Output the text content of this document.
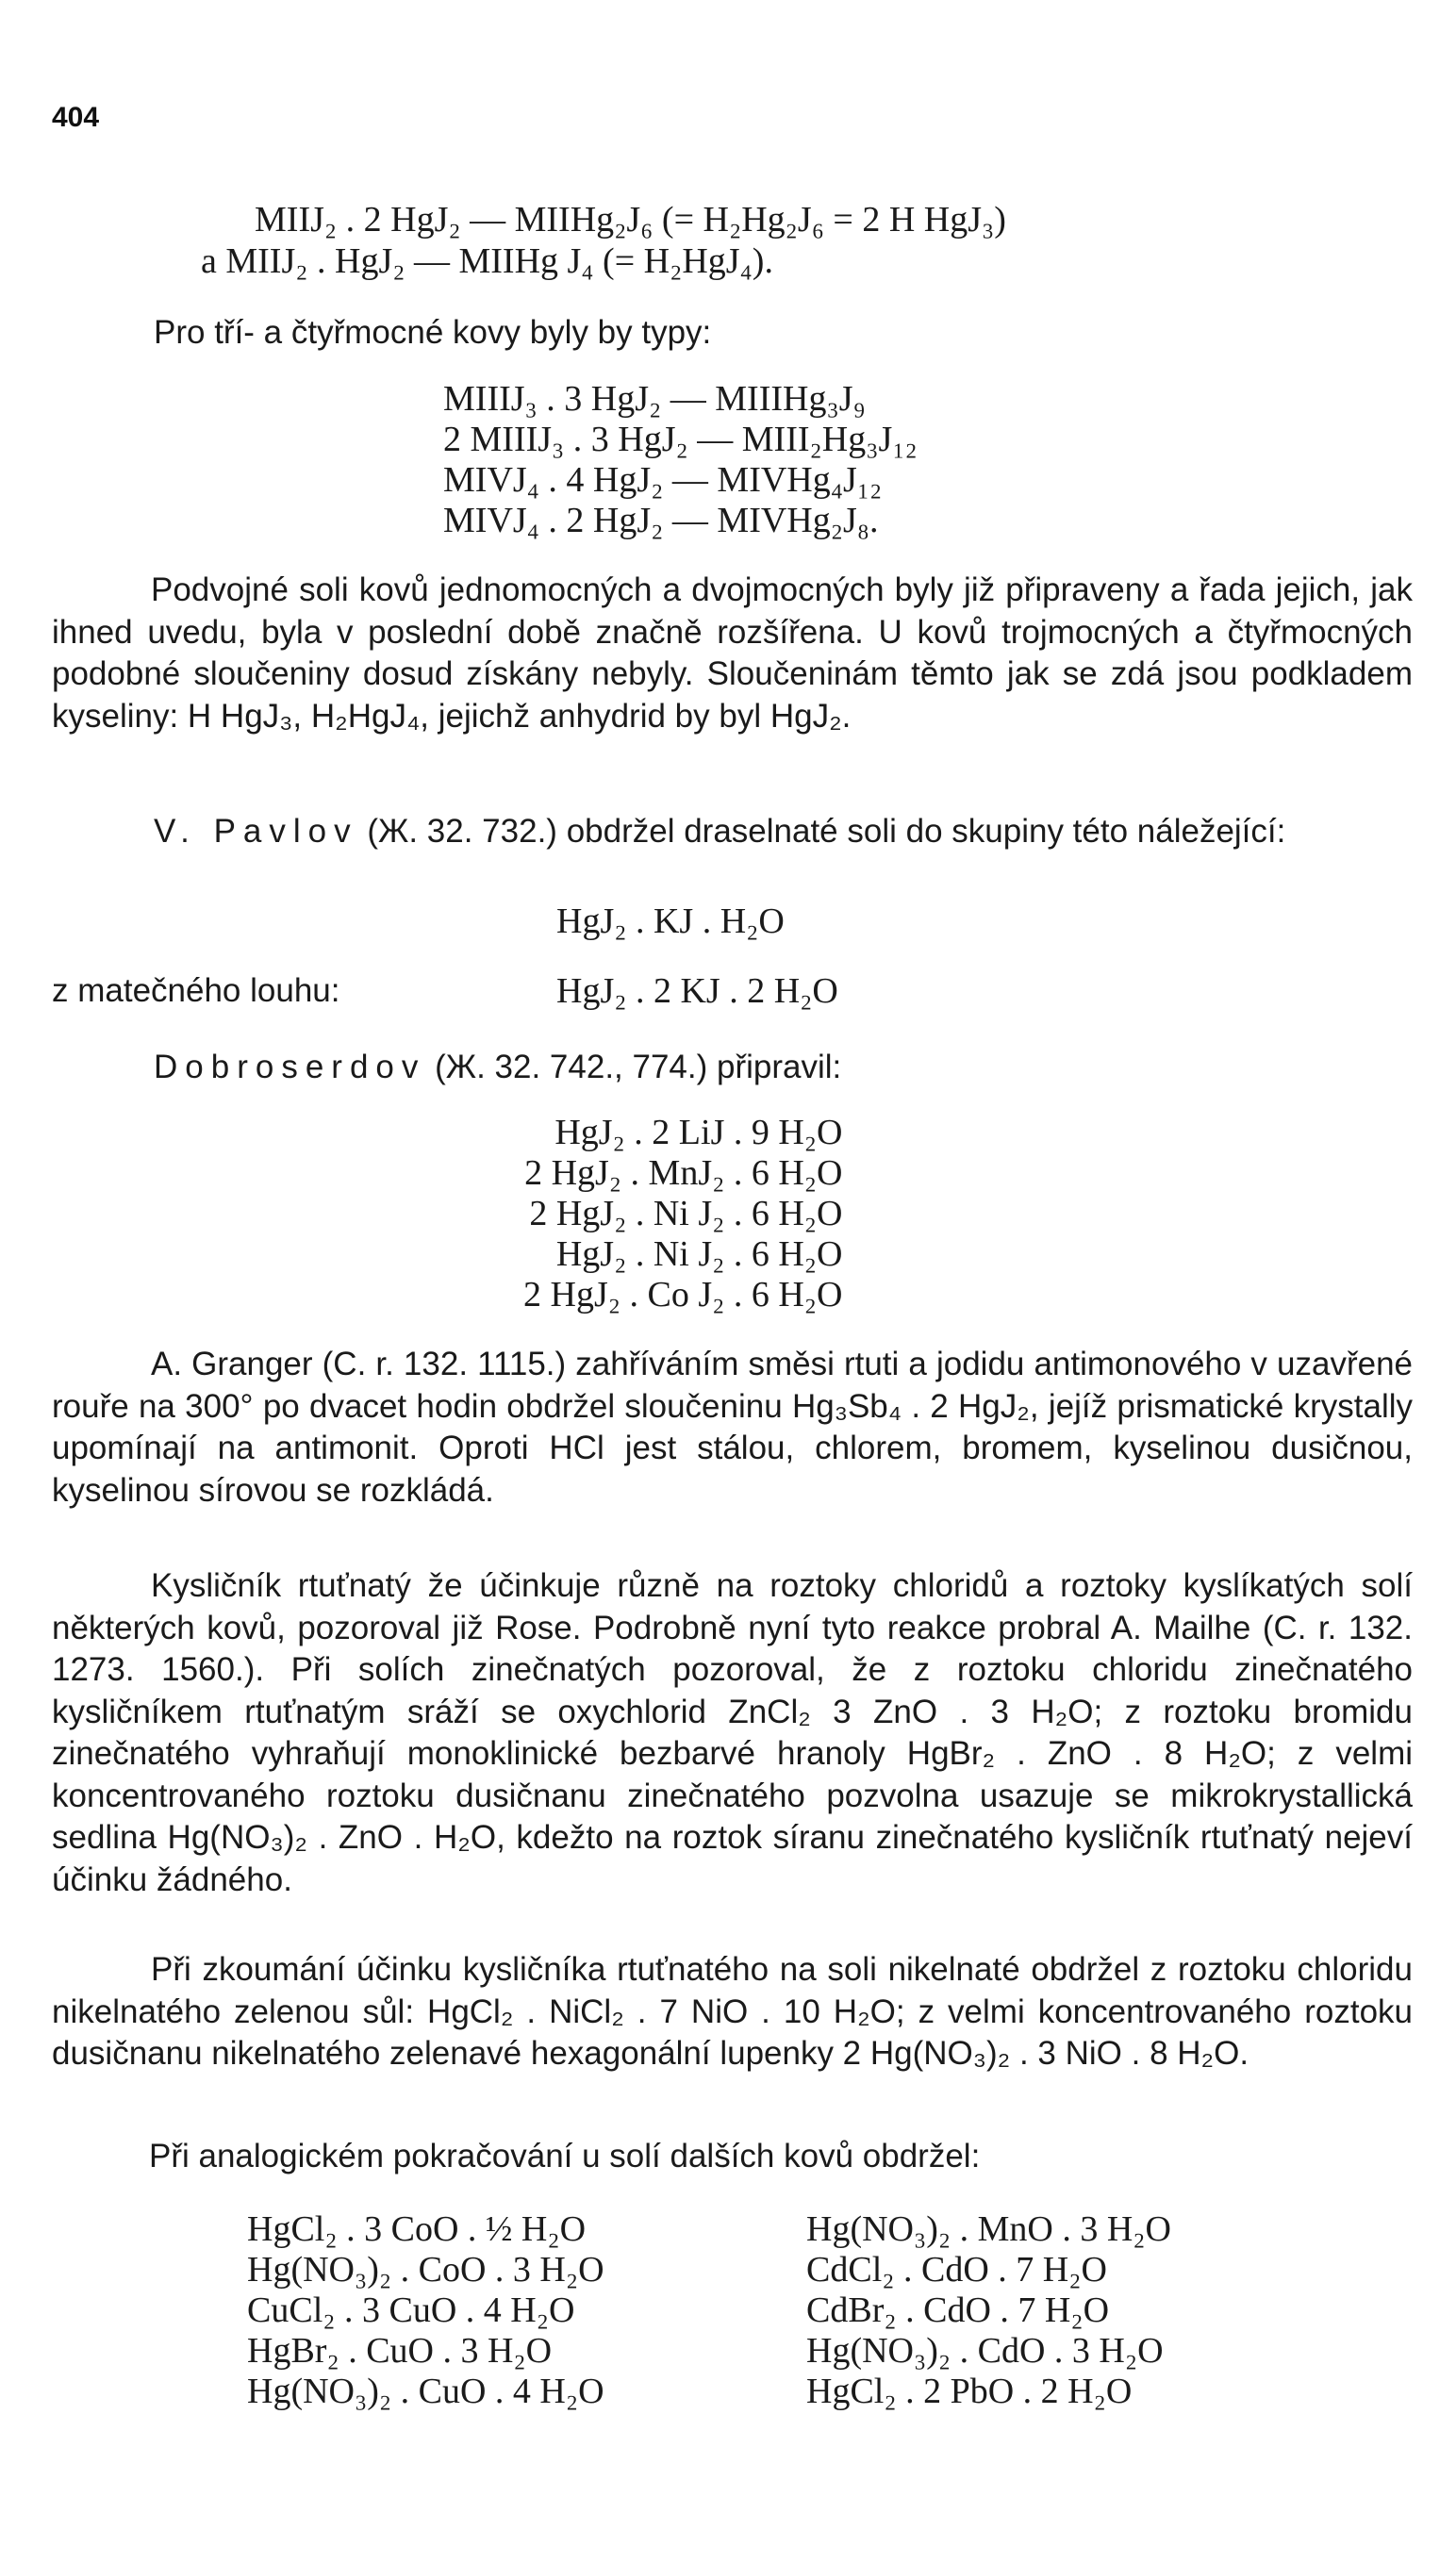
404
MIIJ₂ . 2 HgJ₂ — MIIHg₂J₆ (= H₂Hg₂J₆ = 2 H HgJ₃)
a MIIJ₂ . HgJ₂ — MIIHg J₄ (= H₂HgJ₄).
Pro tří- a čtyřmocné kovy byly by typy:
MIIIJ₃ . 3 HgJ₂ — MIIIHg₃J₉
2 MIIIJ₃ . 3 HgJ₂ — MIII₂Hg₃J₁₂
MIVJ₄ . 4 HgJ₂ — MIVHg₄J₁₂
MIVJ₄ . 2 HgJ₂ — MIVHg₂J₈.

Podvojné soli kovů jednomocných a dvojmocných byly již připraveny a řada jejich, jak ihned uvedu, byla v poslední době značně rozšířena. U kovů trojmocných a čtyřmocných podobné sloučeniny dosud získány nebyly. Sloučeninám těmto jak se zdá jsou podkladem kyseliny: H HgJ₃, H₂HgJ₄, jejichž anhydrid by byl HgJ₂.

V. Pavlov (Ж. 32. 732.) obdržel draselnaté soli do skupiny této náležející:
HgJ₂ . KJ . H₂O
z matečného louhu:	HgJ₂ . 2 KJ . 2 H₂O
Dobroserdov (Ж. 32. 742., 774.) připravil:
HgJ₂ . 2 LiJ . 9 H₂O
2 HgJ₂ . MnJ₂ . 6 H₂O
2 HgJ₂ . Ni J₂ . 6 H₂O
HgJ₂ . Ni J₂ . 6 H₂O
2 HgJ₂ . Co J₂ . 6 H₂O

A. Granger (C. r. 132. 1115.) zahříváním směsi rtuti a jodidu antimonového v uzavřené rouře na 300° po dvacet hodin obdržel sloučeninu Hg₃Sb₄ . 2 HgJ₂, jejíž prismatické krystally upomínají na antimonit. Oproti HCl jest stálou, chlorem, bromem, kyselinou dusičnou, kyselinou sírovou se rozkládá.

Kysličník rtuťnatý že účinkuje různě na roztoky chloridů a roztoky kyslíkatých solí některých kovů, pozoroval již Rose. Podrobně nyní tyto reakce probral A. Mailhe (C. r. 132. 1273. 1560.). Při solích zinečnatých pozoroval, že z roztoku chloridu zinečnatého kysličníkem rtuťnatým sráží se oxychlorid ZnCl₂ 3 ZnO . 3 H₂O; z roztoku bromidu zinečnatého vyhraňují monoklinické bezbarvé hranoly HgBr₂ . ZnO . 8 H₂O; z velmi koncentrovaného roztoku dusičnanu zinečnatého pozvolna usazuje se mikrokrystallická sedlina Hg(NO₃)₂ . ZnO . H₂O, kdežto na roztok síranu zinečnatého kysličník rtuťnatý nejeví účinku žádného.

Při zkoumání účinku kysličníka rtuťnatého na soli nikelnaté obdržel z roztoku chloridu nikelnatého zelenou sůl: HgCl₂ . NiCl₂ . 7 NiO . 10 H₂O; z velmi koncentrovaného roztoku dusičnanu nikelnatého zelenavé hexagonální lupenky 2 Hg(NO₃)₂ . 3 NiO . 8 H₂O.

Při analogickém pokračování u solí dalších kovů obdržel:
HgCl₂ . 3 CoO . ½ H₂O
Hg(NO₃)₂ . CoO . 3 H₂O
CuCl₂ . 3 CuO . 4 H₂O
HgBr₂ . CuO . 3 H₂O
Hg(NO₃)₂ . CuO . 4 H₂O
Hg(NO₃)₂ . MnO . 3 H₂O
CdCl₂ . CdO . 7 H₂O
CdBr₂ . CdO . 7 H₂O
Hg(NO₃)₂ . CdO . 3 H₂O
HgCl₂ . 2 PbO . 2 H₂O
